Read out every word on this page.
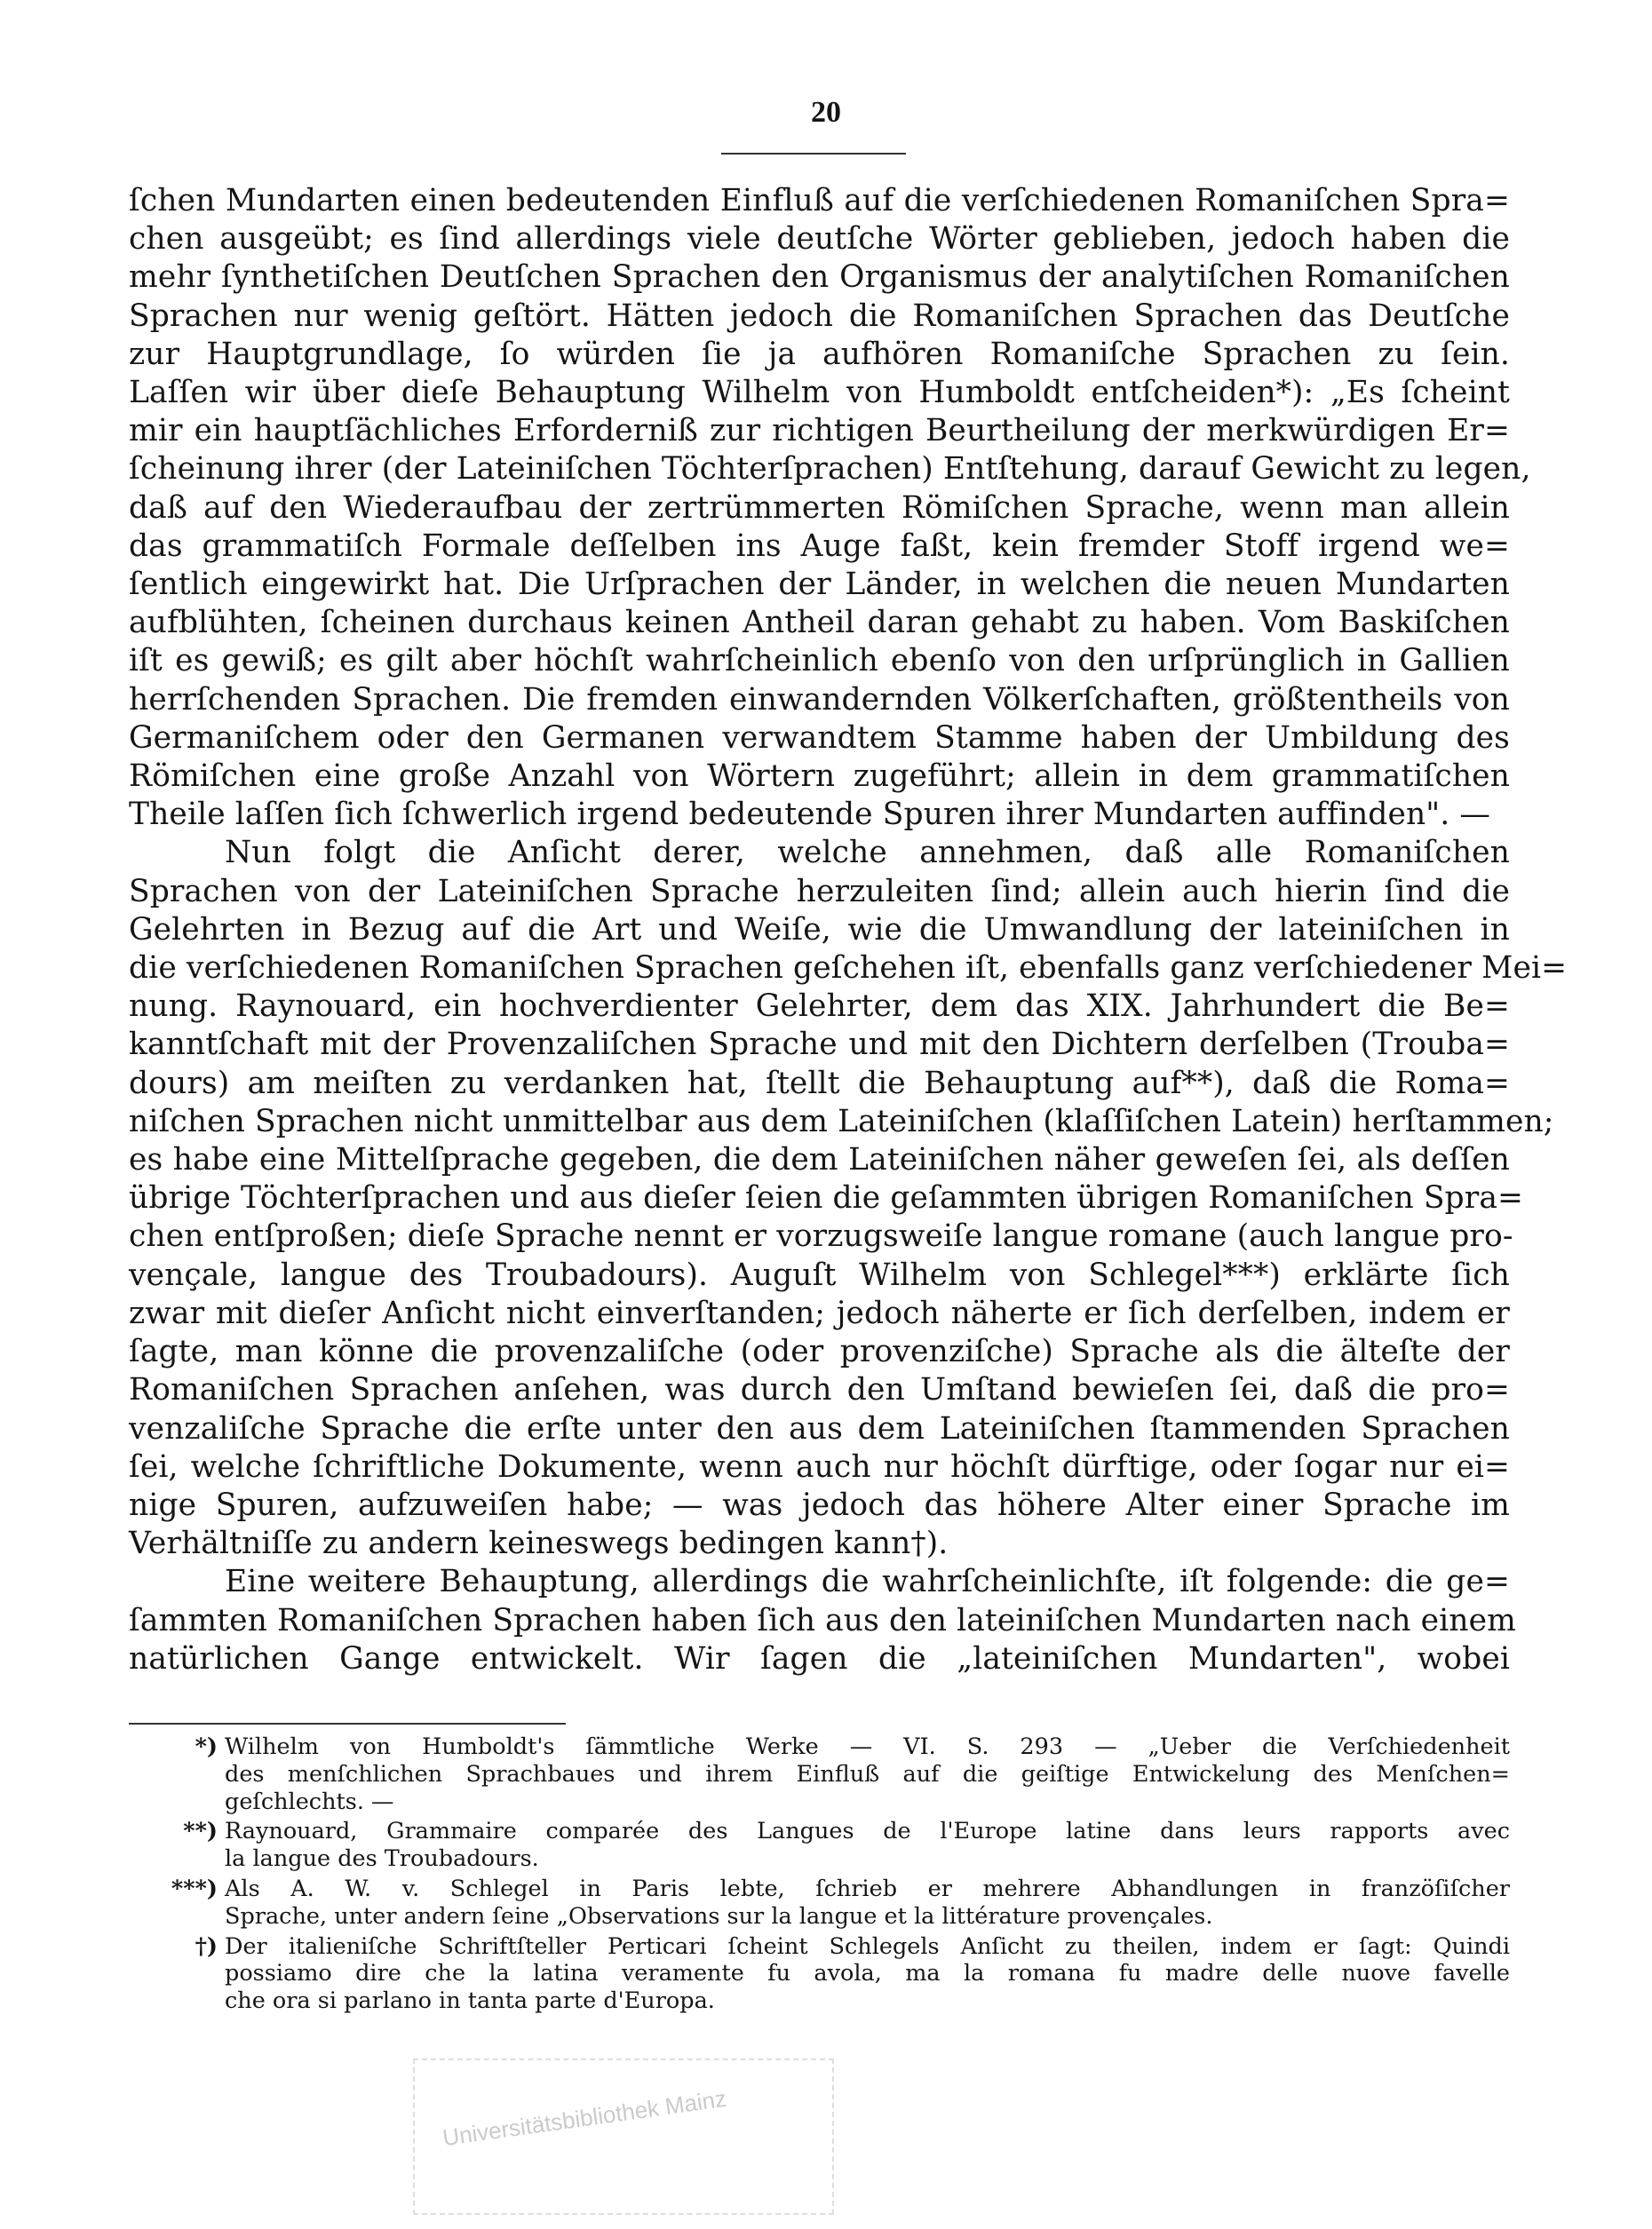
20
ſchen Mundarten einen bedeutenden Einfluß auf die verſchiedenen Romaniſchen Spra=
chen ausgeübt; es ſind allerdings viele deutſche Wörter geblieben, jedoch haben die
mehr ſynthetiſchen Deutſchen Sprachen den Organismus der analytiſchen Romaniſchen
Sprachen nur wenig geſtört. Hätten jedoch die Romaniſchen Sprachen das Deutſche
zur Hauptgrundlage, ſo würden ſie ja aufhören Romaniſche Sprachen zu ſein.
Laſſen wir über dieſe Behauptung Wilhelm von Humboldt entſcheiden*): „Es ſcheint
mir ein hauptſächliches Erforderniß zur richtigen Beurtheilung der merkwürdigen Er=
ſcheinung ihrer (der Lateiniſchen Töchterſprachen) Entſtehung, darauf Gewicht zu legen,
daß auf den Wiederaufbau der zertrümmerten Römiſchen Sprache, wenn man allein
das grammatiſch Formale deſſelben ins Auge faßt, kein fremder Stoff irgend we=
ſentlich eingewirkt hat. Die Urſprachen der Länder, in welchen die neuen Mundarten
aufblühten, ſcheinen durchaus keinen Antheil daran gehabt zu haben. Vom Baskiſchen
iſt es gewiß; es gilt aber höchſt wahrſcheinlich ebenſo von den urſprünglich in Gallien
herrſchenden Sprachen. Die fremden einwandernden Völkerſchaften, größtentheils von
Germaniſchem oder den Germanen verwandtem Stamme haben der Umbildung des
Römiſchen eine große Anzahl von Wörtern zugeführt; allein in dem grammatiſchen
Theile laſſen ſich ſchwerlich irgend bedeutende Spuren ihrer Mundarten auffinden". —
Nun folgt die Anſicht derer, welche annehmen, daß alle Romaniſchen
Sprachen von der Lateiniſchen Sprache herzuleiten ſind; allein auch hierin ſind die
Gelehrten in Bezug auf die Art und Weiſe, wie die Umwandlung der lateiniſchen in
die verſchiedenen Romaniſchen Sprachen geſchehen iſt, ebenfalls ganz verſchiedener Mei=
nung. Raynouard, ein hochverdienter Gelehrter, dem das XIX. Jahrhundert die Be=
kanntſchaft mit der Provenzaliſchen Sprache und mit den Dichtern derſelben (Trouba=
dours) am meiſten zu verdanken hat, ſtellt die Behauptung auf**), daß die Roma=
niſchen Sprachen nicht unmittelbar aus dem Lateiniſchen (klaſſiſchen Latein) herſtammen;
es habe eine Mittelſprache gegeben, die dem Lateiniſchen näher geweſen ſei, als deſſen
übrige Töchterſprachen und aus dieſer ſeien die geſammten übrigen Romaniſchen Spra=
chen entſproßen; dieſe Sprache nennt er vorzugsweiſe langue romane (auch langue pro-
vençale, langue des Troubadours). Auguſt Wilhelm von Schlegel***) erklärte ſich
zwar mit dieſer Anſicht nicht einverſtanden; jedoch näherte er ſich derſelben, indem er
ſagte, man könne die provenzaliſche (oder provenziſche) Sprache als die älteſte der
Romaniſchen Sprachen anſehen, was durch den Umſtand bewieſen ſei, daß die pro=
venzaliſche Sprache die erſte unter den aus dem Lateiniſchen ſtammenden Sprachen
ſei, welche ſchriftliche Dokumente, wenn auch nur höchſt dürftige, oder ſogar nur ei=
nige Spuren, aufzuweiſen habe; — was jedoch das höhere Alter einer Sprache im
Verhältniſſe zu andern keineswegs bedingen kann†).
Eine weitere Behauptung, allerdings die wahrſcheinlichſte, iſt folgende: die ge=
ſammten Romaniſchen Sprachen haben ſich aus den lateiniſchen Mundarten nach einem
natürlichen Gange entwickelt. Wir ſagen die „lateiniſchen Mundarten", wobei
*) Wilhelm von Humboldt's ſämmtliche Werke — VI. S. 293 — „Ueber die Verſchiedenheit
des menſchlichen Sprachbaues und ihrem Einfluß auf die geiſtige Entwickelung des Menſchen=
geſchlechts. —
**) Raynouard, Grammaire comparée des Langues de l'Europe latine dans leurs rapports avec
la langue des Troubadours.
***) Als A. W. v. Schlegel in Paris lebte, ſchrieb er mehrere Abhandlungen in franzöſiſcher
Sprache, unter andern ſeine „Observations sur la langue et la littérature provençales.
†) Der italieniſche Schriftſteller Perticari ſcheint Schlegels Anſicht zu theilen, indem er ſagt: Quindi
possiamo dire che la latina veramente fu avola, ma la romana fu madre delle nuove favelle
che ora si parlano in tanta parte d'Europa.
Universitätsbibliothek Mainz
